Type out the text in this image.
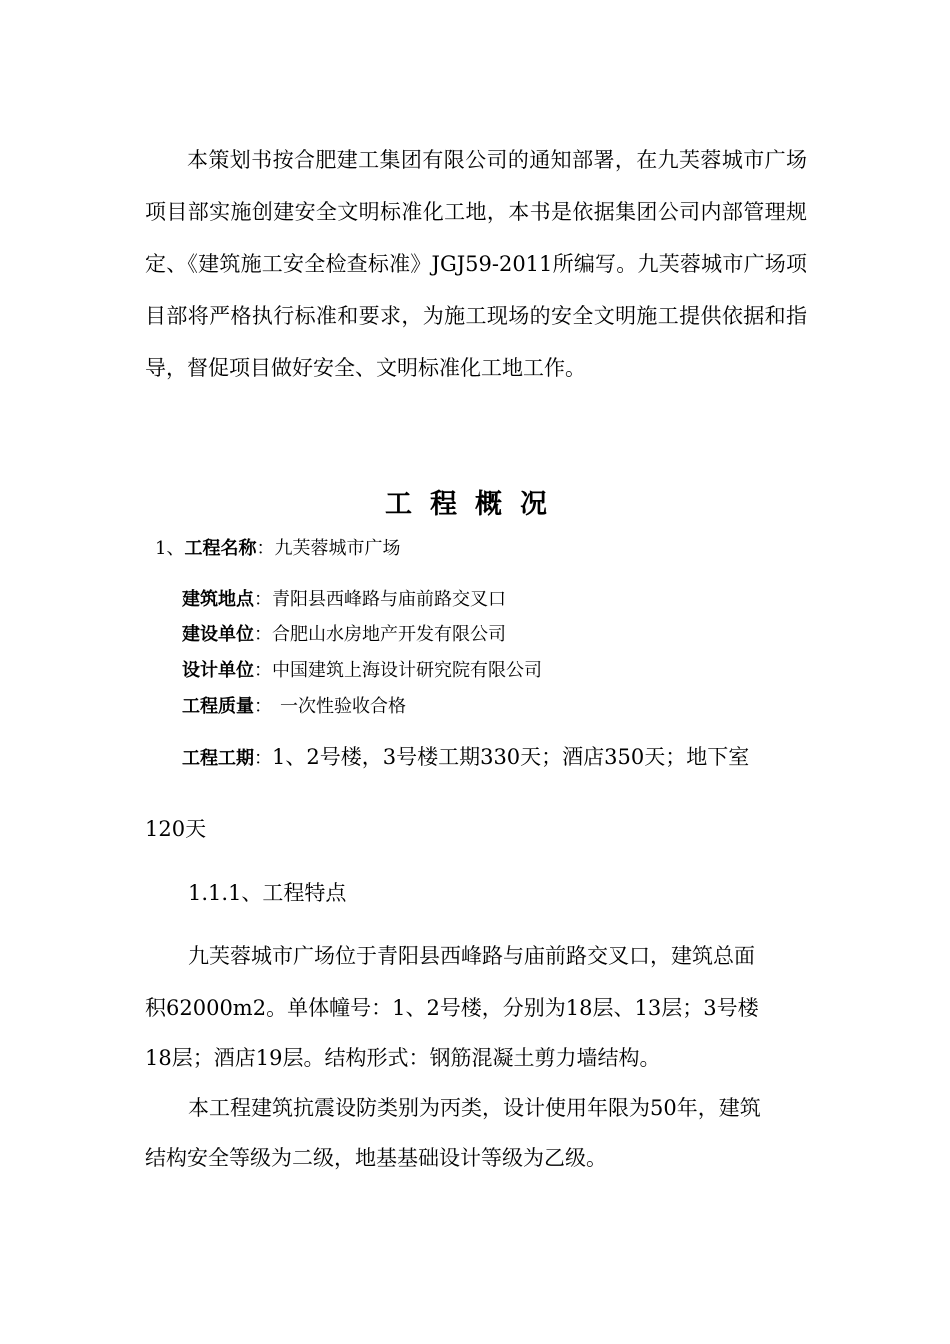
本策划书按合肥建工集团有限公司的通知部署，在九芙蓉城市广场项目部实施创建安全文明标准化工地，本书是依据集团公司内部管理规定、《建筑施工安全检查标准》JGJ59-2011所编写。九芙蓉城市广场项目部将严格执行标准和要求，为施工现场的安全文明施工提供依据和指导，督促项目做好安全、文明标准化工地工作。

工程概况

1、工程名称：九芙蓉城市广场

建筑地点：青阳县西峰路与庙前路交叉口

建设单位：合肥山水房地产开发有限公司

设计单位：中国建筑上海设计研究院有限公司

工程质量： 一次性验收合格

工程工期：1、2号楼，3号楼工期330天；酒店350天；地下室
120天
1.1.1、工程特点
九芙蓉城市广场位于青阳县西峰路与庙前路交叉口，建筑总面
积62000m2。单体幢号：1、2号楼，分别为18层、13层；3号楼
18层；酒店19层。结构形式：钢筋混凝土剪力墙结构。
本工程建筑抗震设防类别为丙类，设计使用年限为50年，建筑
结构安全等级为二级，地基基础设计等级为乙级。
